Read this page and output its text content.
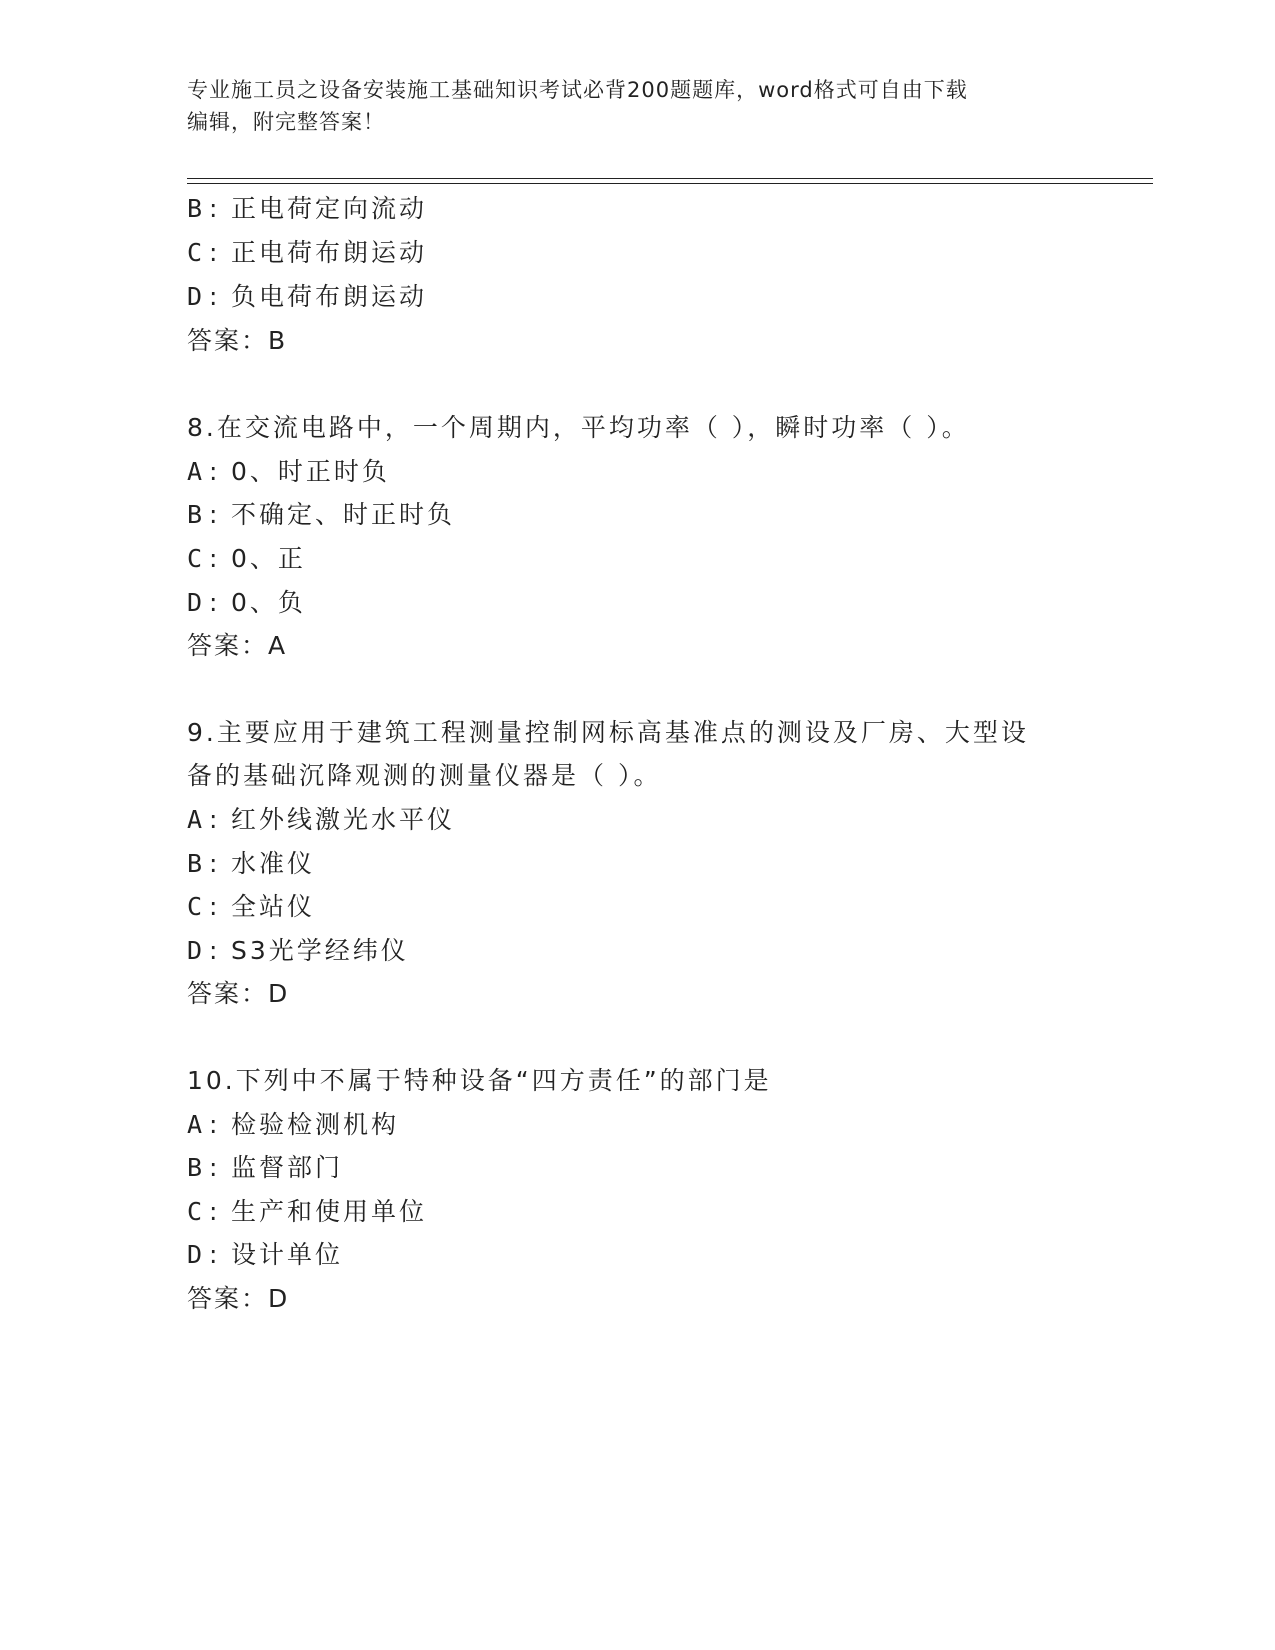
专业施工员之设备安装施工基础知识考试必背200题题库，word格式可自由下载
编辑，附完整答案！
B : 正电荷定向流动
C : 正电荷布朗运动
D : 负电荷布朗运动
答案：B
8.在交流电路中，一个周期内，平均功率（ ），瞬时功率（ ）。
A : 0、时正时负
B : 不确定、时正时负
C : 0、正
D : 0、负
答案：A
9.主要应用于建筑工程测量控制网标高基准点的测设及厂房、大型设
备的基础沉降观测的测量仪器是（ ）。
A : 红外线激光水平仪
B : 水准仪
C : 全站仪
D : S3光学经纬仪
答案：D
10.下列中不属于特种设备“四方责任”的部门是
A : 检验检测机构
B : 监督部门
C : 生产和使用单位
D : 设计单位
答案：D
